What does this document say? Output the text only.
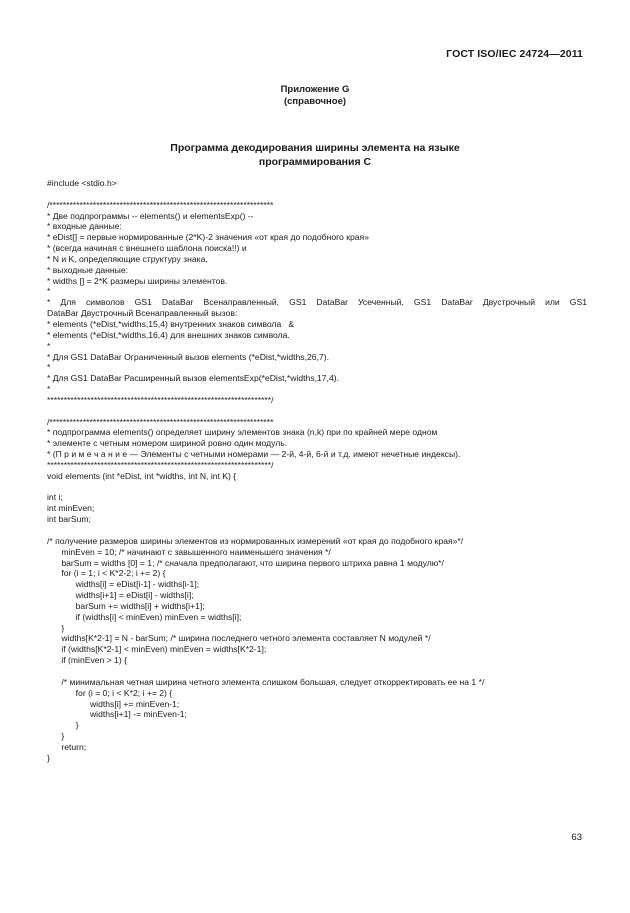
ГОСТ ISO/IEC 24724—2011
Приложение G
(справочное)
Программа декодирования ширины элемента на языке
программирования C
#include <stdio.h>
/*******************************************************************
* Две подпрограммы -- elements() и elementsExp() --
* входные данные:
* eDist[] = первые нормированные (2*K)-2 значения «от края до подобного края»
* (всегда начиная с внешнего шаблона поиска!!) и
* N и K, определяющие структуру знака,
* выходные данные:
* widths [] = 2*K размеры ширины элементов.
*
* Для символов GS1 DataBar Всенаправленный, GS1 DataBar Усеченный, GS1 DataBar Двустрочный или GS1
DataBar Двустрочный Всенаправленный вызов:
* elements (*eDist,*widths,15,4) внутренних знаков символа   &
* elements (*eDist,*widths,16,4) для внешних знаков символа.
*
* Для GS1 DataBar Ограниченный вызов elements (*eDist,*widths,26,7).
*
* Для GS1 DataBar Расширенный вызов elementsExp(*eDist,*widths,17,4).
*
*******************************************************************/
/*******************************************************************
* подпрограмма elements() определяет ширину элементов знака (n,k) при по крайней мере одном
* элементе с четным номером шириной ровно один модуль.
* (П р и м е ч а н и е — Элементы с четными номерами — 2-й, 4-й, 6-й и т.д. имеют нечетные индексы).
*******************************************************************/
void elements (int *eDist, int *widths, int N, int K) {
int i;
int minEven;
int barSum;
/* получение размеров ширины элементов из нормированных измерений «от края до подобного края»*/
minEven = 10; /* начинают с завышенного наименьшего значения */
barSum = widths [0] = 1; /* сначала предполагают, что ширина первого штриха равна 1 модулю*/
for (i = 1; i < K*2-2; i += 2) {
widths[i] = eDist[i-1] - widths[i-1];
widths[i+1] = eDist[i] - widths[i];
barSum += widths[i] + widths[i+1];
if (widths[i] < minEven) minEven = widths[i];
}
widths[K*2-1] = N - barSum; /* ширина последнего четного элемента составляет N модулей */
if (widths[K*2-1] < minEven) minEven = widths[K*2-1];
if (minEven > 1) {
/* минимальная четная ширина четного элемента слишком большая, следует откорректировать ее на 1 */
for (i = 0; i < K*2; i += 2) {
widths[i] += minEven-1;
widths[i+1] -= minEven-1;
}
}
return;
}
63
